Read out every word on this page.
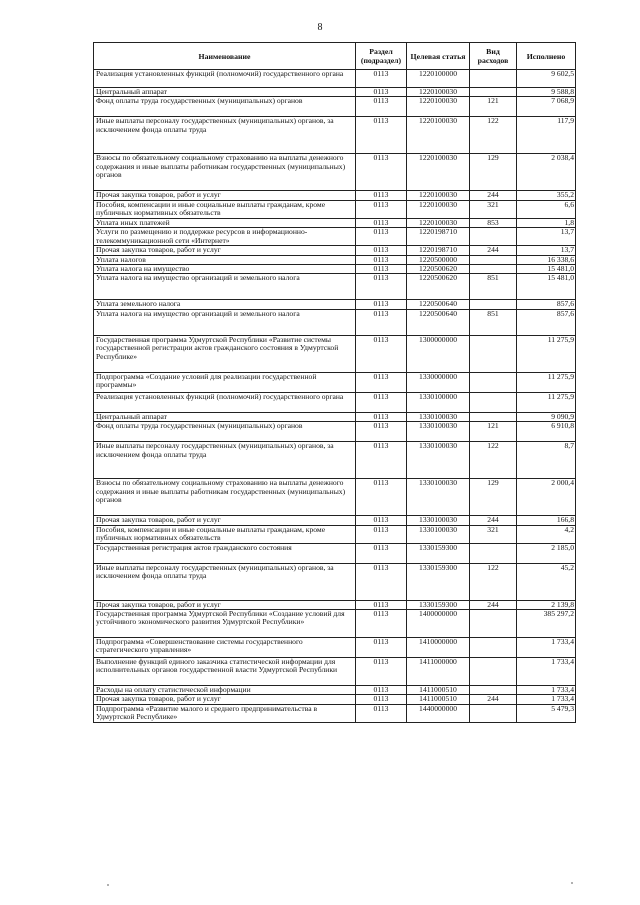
8
Наименование	Раздел (подраздел)	Целевая статья	Вид расходов	Исполнено
Реализация установленных функций (полномочий) государственного органа	0113	1220100000		9 602,5
Центральный аппарат	0113	1220100030		9 588,8
Фонд оплаты труда государственных (муниципальных) органов	0113	1220100030	121	7 068,9
Иные выплаты персоналу государственных (муниципальных) органов, за исключением фонда оплаты труда	0113	1220100030	122	117,9
Взносы по обязательному социальному страхованию на выплаты денежного содержания и иные выплаты работникам государственных (муниципальных) органов	0113	1220100030	129	2 038,4
Прочая закупка товаров, работ и услуг	0113	1220100030	244	355,2
Пособия, компенсации и иные социальные выплаты гражданам, кроме публичных нормативных обязательств	0113	1220100030	321	6,6
Уплата иных платежей	0113	1220100030	853	1,8
Услуги по размещению и поддержке ресурсов в информационно-телекоммуникационной сети «Интернет»	0113	1220198710		13,7
Прочая закупка товаров, работ и услуг	0113	1220198710	244	13,7
Уплата налогов	0113	1220500000		16 338,6
Уплата налога на имущество	0113	1220500620		15 481,0
Уплата налога на имущество организаций и земельного налога	0113	1220500620	851	15 481,0
Уплата земельного налога	0113	1220500640		857,6
Уплата налога на имущество организаций и земельного налога	0113	1220500640	851	857,6
Государственная программа Удмуртской Республики «Развитие системы государственной регистрации актов гражданского состояния в Удмуртской Республике»	0113	1300000000		11 275,9
Подпрограмма «Создание условий для реализации государственной программы»	0113	1330000000		11 275,9
Реализация установленных функций (полномочий) государственного органа	0113	1330100000		11 275,9
Центральный аппарат	0113	1330100030		9 090,9
Фонд оплаты труда государственных (муниципальных) органов	0113	1330100030	121	6 910,8
Иные выплаты персоналу государственных (муниципальных) органов, за исключением фонда оплаты труда	0113	1330100030	122	8,7
Взносы по обязательному социальному страхованию на выплаты денежного содержания и иные выплаты работникам государственных (муниципальных) органов	0113	1330100030	129	2 000,4
Прочая закупка товаров, работ и услуг	0113	1330100030	244	166,8
Пособия, компенсации и иные социальные выплаты гражданам, кроме публичных нормативных обязательств	0113	1330100030	321	4,2
Государственная регистрация актов гражданского состояния	0113	1330159300		2 185,0
Иные выплаты персоналу государственных (муниципальных) органов, за исключением фонда оплаты труда	0113	1330159300	122	45,2
Прочая закупка товаров, работ и услуг	0113	1330159300	244	2 139,8
Государственная программа Удмуртской Республики «Создание условий для устойчивого экономического развития Удмуртской Республики»	0113	1400000000		385 297,2
Подпрограмма «Совершенствование системы государственного стратегического управления»	0113	1410000000		1 733,4
Выполнение функций единого заказчика статистической информации для исполнительных органов государственной власти Удмуртской Республики	0113	1411000000		1 733,4
Расходы на оплату статистической информации	0113	1411000510		1 733,4
Прочая закупка товаров, работ и услуг	0113	1411000510	244	1 733,4
Подпрограмма «Развитие малого и среднего предпринимательства в Удмуртской Республике»	0113	1440000000		5 479,3
